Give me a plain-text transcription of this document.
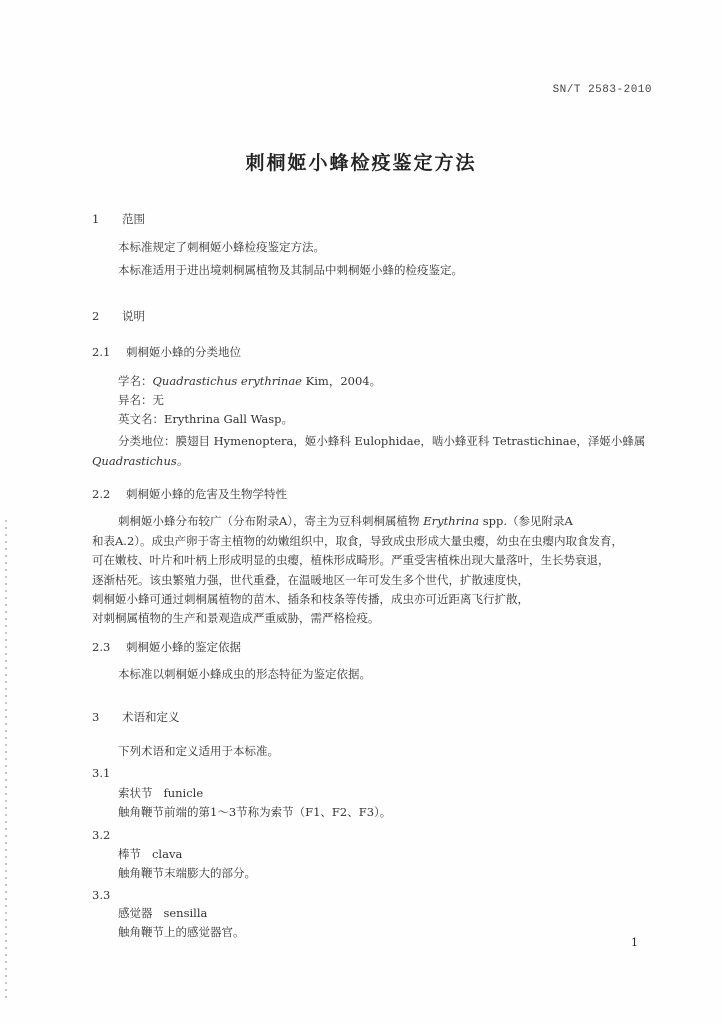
SN/T 2583-2010
刺桐姬小蜂检疫鉴定方法
1 范围
本标准规定了刺桐姬小蜂检疫鉴定方法。
本标准适用于进出境刺桐属植物及其制品中刺桐姬小蜂的检疫鉴定。
2 说明
2.1 刺桐姬小蜂的分类地位
学名：Quadrastichus erythrinae Kim，2004。
异名：无
英文名：Erythrina Gall Wasp。
分类地位：膜翅目 Hymenoptera，姬小蜂科 Eulophidae，啮小蜂亚科 Tetrastichinae，泽姬小蜂属
Quadrastichus。
2.2 刺桐姬小蜂的危害及生物学特性
刺桐姬小蜂分布较广（分布附录A），寄主为豆科刺桐属植物 Erythrina spp.（参见附录A
和表A.2）。成虫产卵于寄主植物的幼嫩组织中，取食，导致成虫形成大量虫瘿，幼虫在虫瘿内取食发育，
可在嫩枝、叶片和叶柄上形成明显的虫瘿，植株形成畸形。严重受害植株出现大量落叶，生长势衰退，
逐渐枯死。该虫繁殖力强，世代重叠，在温暖地区一年可发生多个世代，扩散速度快，
刺桐姬小蜂可通过刺桐属植物的苗木、插条和枝条等传播，成虫亦可近距离飞行扩散，
对刺桐属植物的生产和景观造成严重威胁，需严格检疫。
2.3 刺桐姬小蜂的鉴定依据
本标准以刺桐姬小蜂成虫的形态特征为鉴定依据。
3 术语和定义
下列术语和定义适用于本标准。
3.1
索状节 funicle
触角鞭节前端的第1～3节称为索节（F1、F2、F3）。
3.2
棒节 clava
触角鞭节末端膨大的部分。
3.3
感觉器 sensilla
触角鞭节上的感觉器官。
1
